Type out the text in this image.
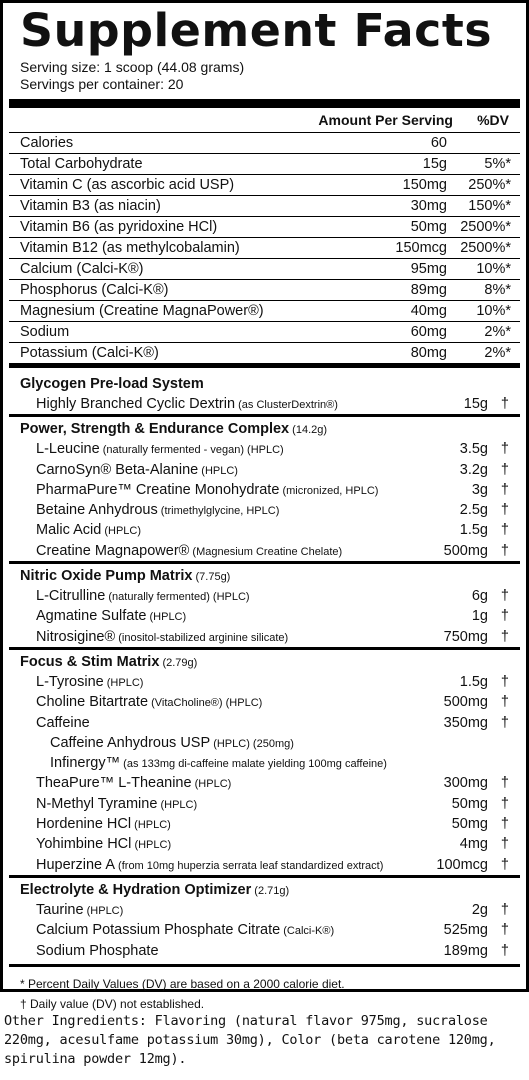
Supplement Facts
Serving size: 1 scoop (44.08 grams)
Servings per container: 20
Amount Per Serving %DV
Calories	60
Total Carbohydrate	15g	5%*
Vitamin C (as ascorbic acid USP)	150mg 250%*
Vitamin B3 (as niacin)	30mg 150%*
Vitamin B6 (as pyridoxine HCl)	50mg 2500%*
Vitamin B12 (as methylcobalamin)	150mcg 2500%*
Calcium (Calci-K®)	95mg 10%*
Phosphorus (Calci-K®)	89mg	8%*
Magnesium (Creatine MagnaPower®)	40mg 10%*
Sodium	60mg	2%*
Potassium (Calci-K®)	80mg	2%*
Glycogen Pre-load System
Highly Branched Cyclic Dextrin (as ClusterDextrin®)	15g †
Power, Strength & Endurance Complex (14.2g)
L-Leucine (naturally fermented - vegan) (HPLC)	3.5g †
CarnoSyn® Beta-Alanine (HPLC)	3.2g †
PharmaPure™ Creatine Monohydrate (micronized, HPLC)	3g †
Betaine Anhydrous (trimethylglycine, HPLC)	2.5g †
Malic Acid (HPLC)	1.5g †
Creatine Magnapower® (Magnesium Creatine Chelate)	500mg †
Nitric Oxide Pump Matrix (7.75g)
L-Citrulline (naturally fermented) (HPLC)	6g †
Agmatine Sulfate (HPLC)	1g †
Nitrosigine® (inositol-stabilized arginine silicate)	750mg †
Focus & Stim Matrix (2.79g)
L-Tyrosine (HPLC)	1.5g †
Choline Bitartrate (VitaCholine®) (HPLC)	500mg †
Caffeine	350mg †
Caffeine Anhydrous USP (HPLC) (250mg)
Infinergy™ (as 133mg di-caffeine malate yielding 100mg caffeine)
TheaPure™ L-Theanine (HPLC)	300mg †
N-Methyl Tyramine (HPLC)	50mg †
Hordenine HCl (HPLC)	50mg †
Yohimbine HCl (HPLC)	4mg †
Huperzine A (from 10mg huperzia serrata leaf standardized extract)	100mcg †
Electrolyte & Hydration Optimizer (2.71g)
Taurine (HPLC)	2g †
Calcium Potassium Phosphate Citrate (Calci-K®)	525mg †
Sodium Phosphate	189mg †
* Percent Daily Values (DV) are based on a 2000 calorie diet.
† Daily value (DV) not established.
Other Ingredients: Flavoring (natural flavor 975mg, sucralose 220mg, acesulfame potassium 30mg), Color (beta carotene 120mg, spirulina powder 12mg).
